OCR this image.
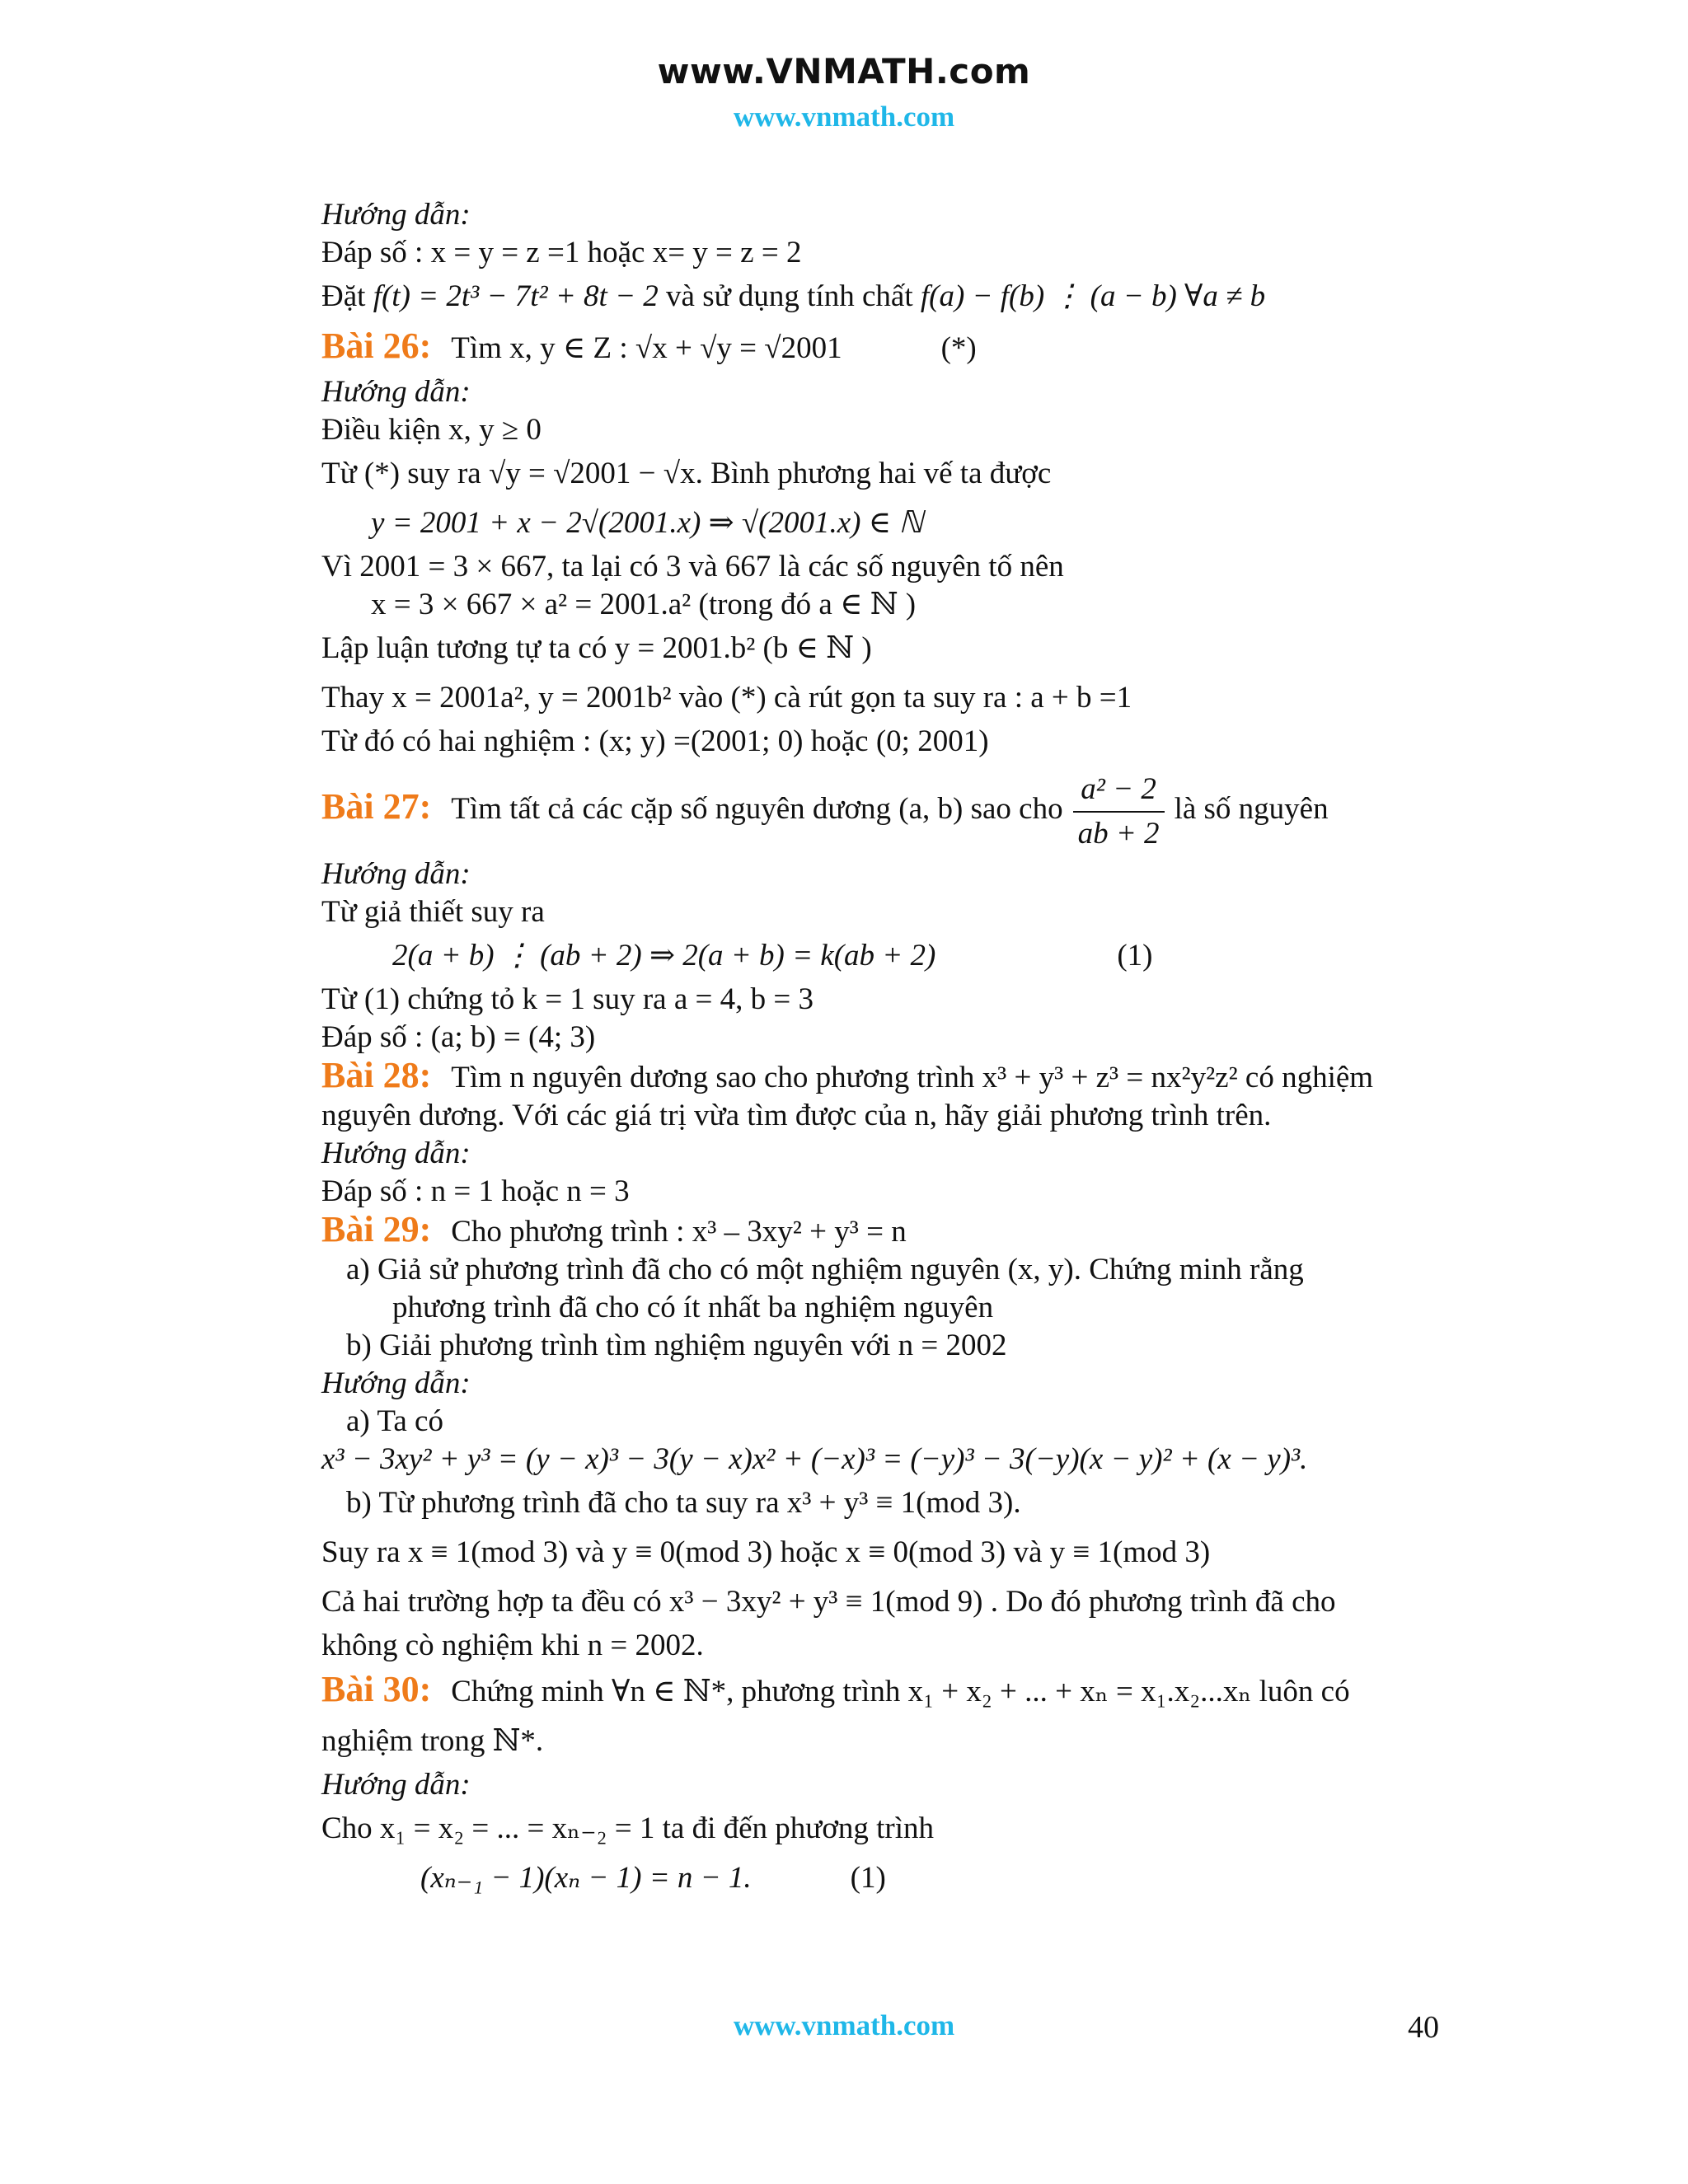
www.VNMATH.com
www.vnmath.com
Hướng dẫn:
Đáp số : x = y = z =1 hoặc x= y = z = 2
Đặt f(t) = 2t³ − 7t² + 8t − 2 và sử dụng tính chất f(a) − f(b) ⋮ (a − b) ∀a ≠ b
Bài 26: Tìm x, y ∈ Z : √x + √y = √2001	(*)
Hướng dẫn:
Điều kiện x, y ≥ 0
Từ (*) suy ra √y = √2001 − √x. Bình phương hai vế ta được
y = 2001 + x − 2√(2001.x) ⇒ √(2001.x) ∈ ℕ
Vì 2001 = 3 × 667, ta lại có 3 và 667 là các số nguyên tố nên
x = 3 × 667 × a² = 2001.a² (trong đó a ∈ ℕ )
Lập luận tương tự ta có y = 2001.b² (b ∈ ℕ )
Thay x = 2001a², y = 2001b² vào (*) cà rút gọn ta suy ra : a + b =1
Từ đó có hai nghiệm : (x; y) =(2001; 0) hoặc (0; 2001)
Bài 27: Tìm tất cả các cặp số nguyên dương (a, b) sao cho $\frac{\text{a² − 2}}{ab + 2}$ là số nguyên
Hướng dẫn:
Từ giả thiết suy ra
2(a + b) ⋮ (ab + 2) ⇒ 2(a + b) = k(ab + 2)	(1)
Từ (1) chứng tỏ k = 1 suy ra a = 4, b = 3
Đáp số : (a; b) = (4; 3)
Bài 28: Tìm n nguyên dương sao cho phương trình x³ + y³ + z³ = nx²y²z² có nghiệm
nguyên dương. Với các giá trị vừa tìm được của n, hãy giải phương trình trên.
Hướng dẫn:
Đáp số : n = 1 hoặc n = 3
Bài 29: Cho phương trình : x³ – 3xy² + y³ = n
a) Giả sử phương trình đã cho có một nghiệm nguyên (x, y). Chứng minh rằng
phương trình đã cho có ít nhất ba nghiệm nguyên
b) Giải phương trình tìm nghiệm nguyên với n = 2002
Hướng dẫn:
a) Ta có
x³ − 3xy² + y³ = (y − x)³ − 3(y − x)x² + (−x)³ = (−y)³ − 3(−y)(x − y)² + (x − y)³.
b) Từ phương trình đã cho ta suy ra x³ + y³ ≡ 1(mod 3).
Suy ra x ≡ 1(mod 3) và y ≡ 0(mod 3) hoặc x ≡ 0(mod 3) và y ≡ 1(mod 3)
Cả hai trường hợp ta đều có x³ − 3xy² + y³ ≡ 1(mod 9) . Do đó phương trình đã cho
không cò nghiệm khi n = 2002.
Bài 30: Chứng minh ∀n ∈ ℕ*, phương trình x₁ + x₂ + ... + xₙ = x₁.x₂...xₙ luôn có
nghiệm trong ℕ*.
Hướng dẫn:
Cho x₁ = x₂ = ... = xₙ₋₂ = 1 ta đi đến phương trình
(xₙ₋₁ − 1)(xₙ − 1) = n − 1.	(1)
www.vnmath.com	40
